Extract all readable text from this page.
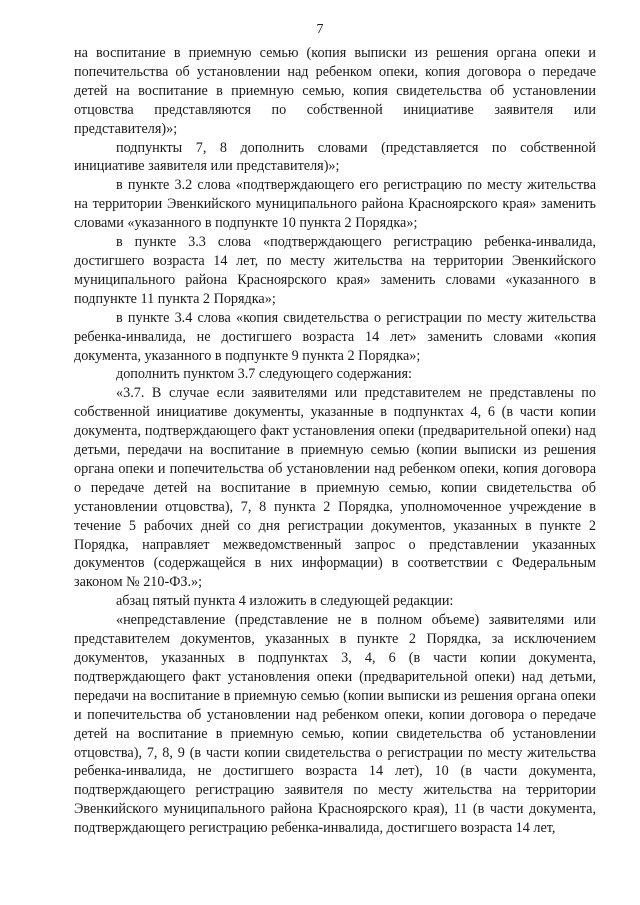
7

на воспитание в приемную семью (копия выписки из решения органа опеки и попечительства об установлении над ребенком опеки, копия договора о передаче детей на воспитание в приемную семью, копия свидетельства об установлении отцовства представляются по собственной инициативе заявителя или представителя)»;

подпункты 7, 8 дополнить словами (представляется по собственной инициативе заявителя или представителя)»;

в пункте 3.2 слова «подтверждающего его регистрацию по месту жительства на территории Эвенкийского муниципального района Красноярского края» заменить словами «указанного в подпункте 10 пункта 2 Порядка»;

в пункте 3.3 слова «подтверждающего регистрацию ребенка-инвалида, достигшего возраста 14 лет, по месту жительства на территории Эвенкийского муниципального района Красноярского края» заменить словами «указанного в подпункте 11 пункта 2 Порядка»;

в пункте 3.4 слова «копия свидетельства о регистрации по месту жительства ребенка-инвалида, не достигшего возраста 14 лет» заменить словами «копия документа, указанного в подпункте 9 пункта 2 Порядка»;

дополнить пунктом 3.7 следующего содержания:

«3.7. В случае если заявителями или представителем не представлены по собственной инициативе документы, указанные в подпунктах 4, 6 (в части копии документа, подтверждающего факт установления опеки (предварительной опеки) над детьми, передачи на воспитание в приемную семью (копии выписки из решения органа опеки и попечительства об установлении над ребенком опеки, копия договора о передаче детей на воспитание в приемную семью, копии свидетельства об установлении отцовства), 7, 8 пункта 2 Порядка, уполномоченное учреждение в течение 5 рабочих дней со дня регистрации документов, указанных в пункте 2 Порядка, направляет межведомственный запрос о представлении указанных документов (содержащейся в них информации) в соответствии с Федеральным законом № 210-ФЗ.»;

абзац пятый пункта 4 изложить в следующей редакции:

«непредставление (представление не в полном объеме) заявителями или представителем документов, указанных в пункте 2 Порядка, за исключением документов, указанных в подпунктах 3, 4, 6 (в части копии документа, подтверждающего факт установления опеки (предварительной опеки) над детьми, передачи на воспитание в приемную семью (копии выписки из решения органа опеки и попечительства об установлении над ребенком опеки, копии договора о передаче детей на воспитание в приемную семью, копии свидетельства об установлении отцовства), 7, 8, 9 (в части копии свидетельства о регистрации по месту жительства ребенка-инвалида, не достигшего возраста 14 лет), 10 (в части документа, подтверждающего регистрацию заявителя по месту жительства на территории Эвенкийского муниципального района Красноярского края), 11 (в части документа, подтверждающего регистрацию ребенка-инвалида, достигшего возраста 14 лет,
